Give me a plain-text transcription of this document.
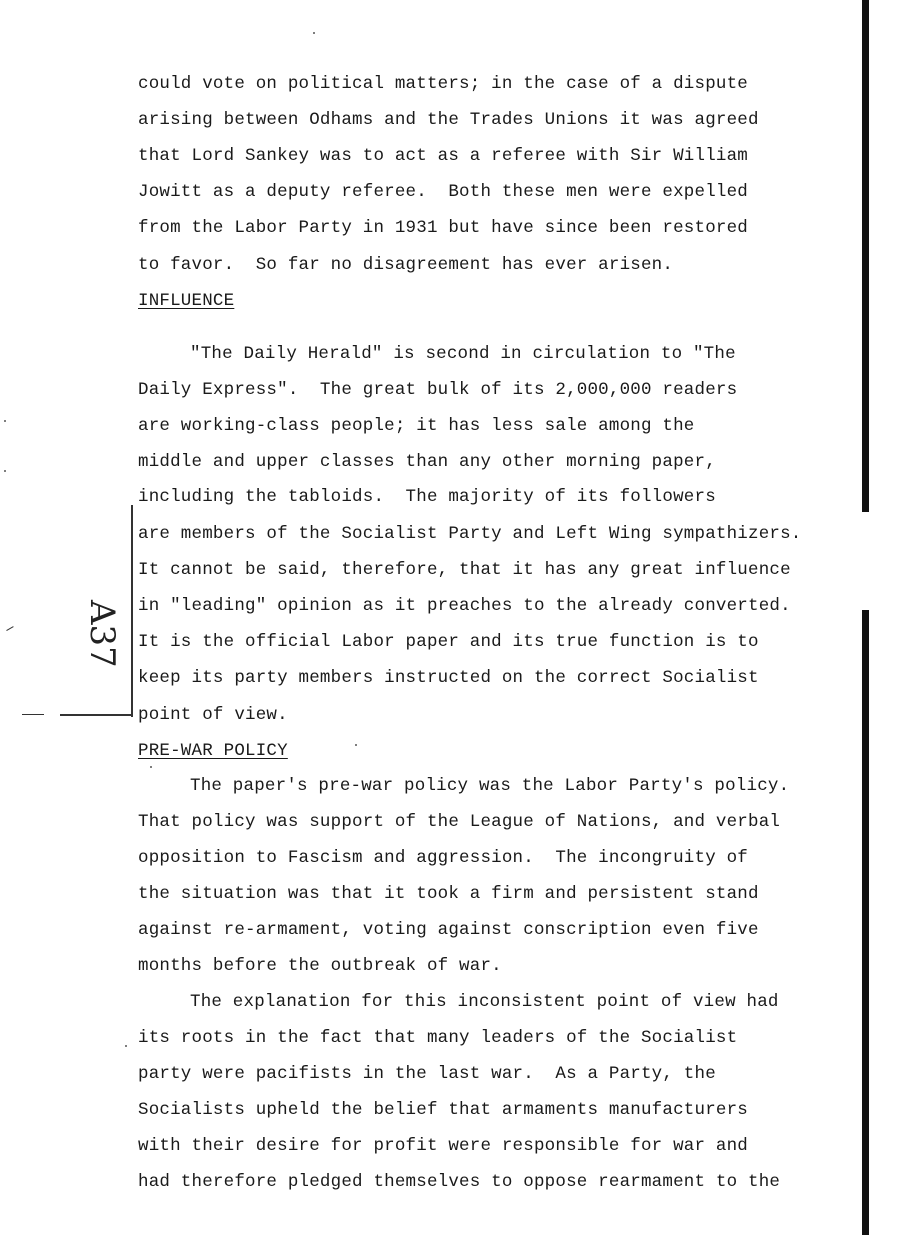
could vote on political matters; in the case of a dispute
arising between Odhams and the Trades Unions it was agreed
that Lord Sankey was to act as a referee with Sir William
Jowitt as a deputy referee.  Both these men were expelled
from the Labor Party in 1931 but have since been restored
to favor.  So far no disagreement has ever arisen.
INFLUENCE
"The Daily Herald" is second in circulation to "The
Daily Express".  The great bulk of its 2,000,000 readers
are working-class people; it has less sale among the
middle and upper classes than any other morning paper,
including the tabloids.  The majority of its followers
are members of the Socialist Party and Left Wing sympathizers.
It cannot be said, therefore, that it has any great influence
in "leading" opinion as it preaches to the already converted.
It is the official Labor paper and its true function is to
keep its party members instructed on the correct Socialist
point of view.
PRE-WAR POLICY
The paper's pre-war policy was the Labor Party's policy.
That policy was support of the League of Nations, and verbal
opposition to Fascism and aggression.  The incongruity of
the situation was that it took a firm and persistent stand
against re-armament, voting against conscription even five
months before the outbreak of war.
The explanation for this inconsistent point of view had
its roots in the fact that many leaders of the Socialist
party were pacifists in the last war.  As a Party, the
Socialists upheld the belief that armaments manufacturers
with their desire for profit were responsible for war and
had therefore pledged themselves to oppose rearmament to the
A37
